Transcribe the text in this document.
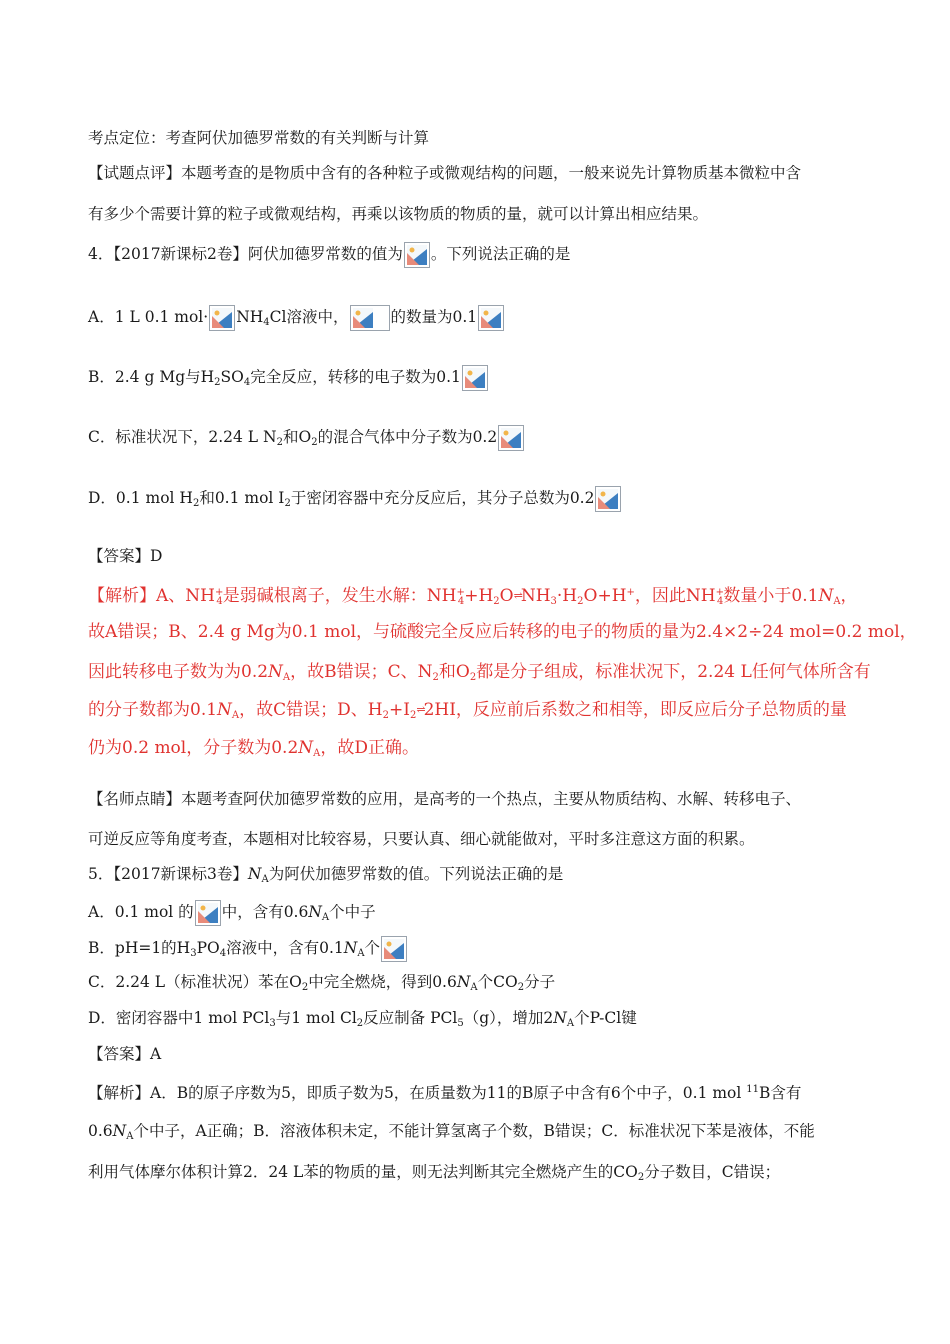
考点定位：考查阿伏加德罗常数的有关判断与计算
【试题点评】本题考查的是物质中含有的各种粒子或微观结构的问题，一般来说先计算物质基本微粒中含
有多少个需要计算的粒子或微观结构，再乘以该物质的物质的量，就可以计算出相应结果。
4．【2017新课标2卷】阿伏加德罗常数的值为 。下列说法正确的是
A．1 L 0.1 $mol\cdot NH_4Cl$溶液中，	的数量为0.1
B．2.4 g Mg与$H_2SO_4$完全反应，转移的电子数为0.1
C．标准状况下，2.24 L $N_2$和$O_2$的混合气体中分子数为0.2
D．0.1 mol $H_2$和0.1 mol $I_2$于密闭容器中充分反应后，其分子总数为0.2
【答案】D
【解析】A、$NH^+_4$是弱碱根离子，发生水解：$NH^+_4+H_2O\rightleftharpoons NH_3\cdot H_2O+H^+$，因此$NH^+_4$数量小于$0.1N_A$，
故A错误；B、2.4 g Mg为0.1 mol，与硫酸完全反应后转移的电子的物质的量为2.4×2÷24 mol=0.2 mol，
因此转移电子数为为$0.2N_A$，故B错误；C、$N_2$和$O_2$都是分子组成，标准状况下，2.24 L任何气体所含有
的分子数都为$0.1N_A$，故C错误；D、$H_2+I_2\rightleftharpoons 2HI$，反应前后系数之和相等，即反应后分子总物质的量
仍为0.2 mol，分子数为$0.2N_A$，故D正确。
【名师点睛】本题考查阿伏加德罗常数的应用，是高考的一个热点，主要从物质结构、水解、转移电子、
可逆反应等角度考查，本题相对比较容易，只要认真、细心就能做对，平时多注意这方面的积累。
5．【2017新课标3卷】$N_A$为阿伏加德罗常数的值。下列说法正确的是
A．0.1 mol 的 中，含有$0.6N_A$个中子
B．pH=1的$H_3PO_4$溶液中，含有$0.1N_A$个
C．2.24 L（标准状况）苯在$O_2$中完全燃烧，得到$0.6N_A$个$CO_2$分子
D．密闭容器中1 mol PCl$_3$与1 mol $Cl_2$反应制备 PCl$_5$（g），增加$2N_A$个P-Cl键
【答案】A
【解析】A．B的原子序数为5，即质子数为5，在质量数为11的B原子中含有6个中子，0.1 mol $^{11}$B含有
$0.6N_A$个中子，A正确；B．溶液体积未定，不能计算氢离子个数，B错误；C．标准状况下苯是液体，不能
利用气体摩尔体积计算2．24 L苯的物质的量，则无法判断其完全燃烧产生的$CO_2$分子数目，C错误；
